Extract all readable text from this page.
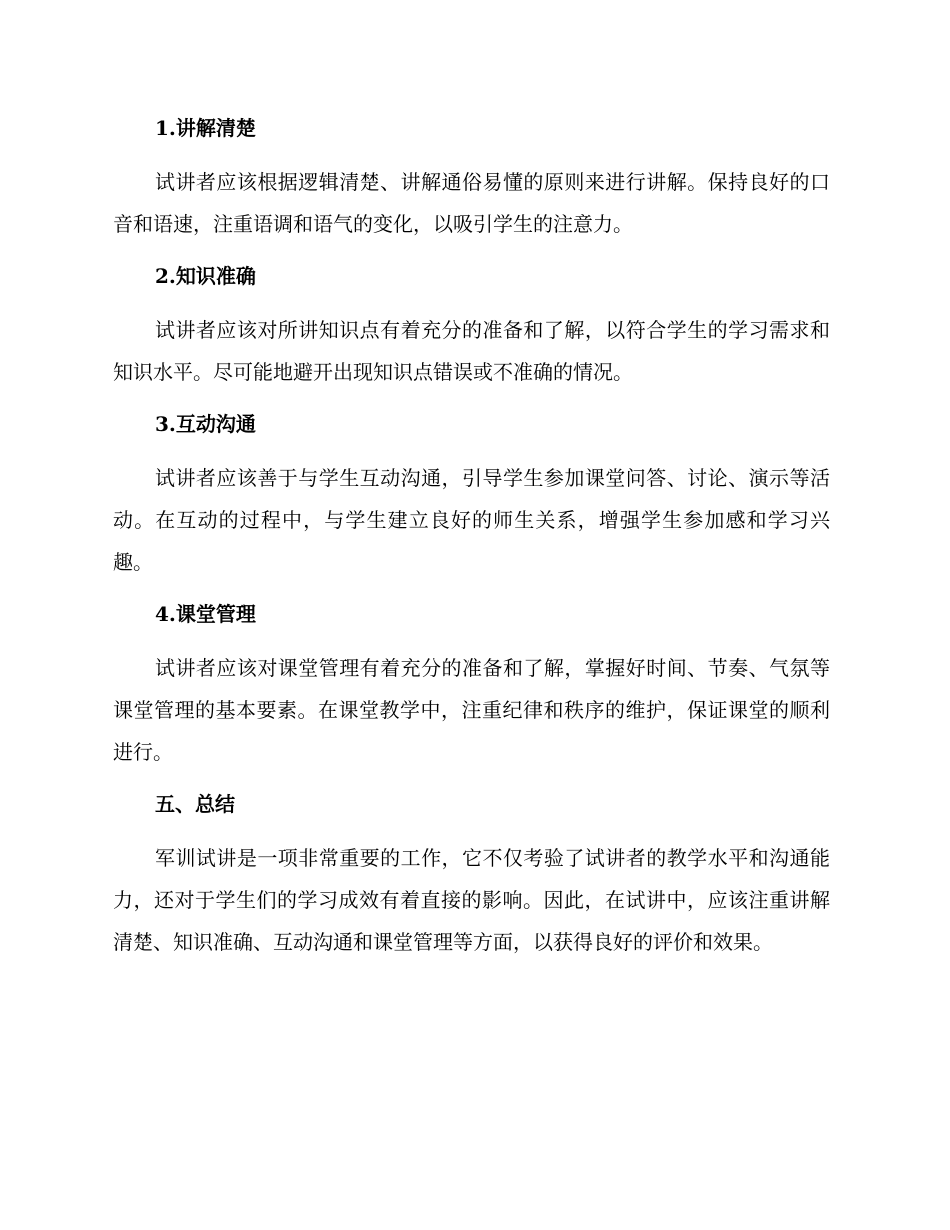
1.讲解清楚

试讲者应该根据逻辑清楚、讲解通俗易懂的原则来进行讲解。保持良好的口音和语速，注重语调和语气的变化，以吸引学生的注意力。

2.知识准确

试讲者应该对所讲知识点有着充分的准备和了解，以符合学生的学习需求和知识水平。尽可能地避开出现知识点错误或不准确的情况。

3.互动沟通

试讲者应该善于与学生互动沟通，引导学生参加课堂问答、讨论、演示等活动。在互动的过程中，与学生建立良好的师生关系，增强学生参加感和学习兴趣。

4.课堂管理

试讲者应该对课堂管理有着充分的准备和了解，掌握好时间、节奏、气氛等课堂管理的基本要素。在课堂教学中，注重纪律和秩序的维护，保证课堂的顺利进行。

五、总结

军训试讲是一项非常重要的工作，它不仅考验了试讲者的教学水平和沟通能力，还对于学生们的学习成效有着直接的影响。因此，在试讲中，应该注重讲解清楚、知识准确、互动沟通和课堂管理等方面，以获得良好的评价和效果。
